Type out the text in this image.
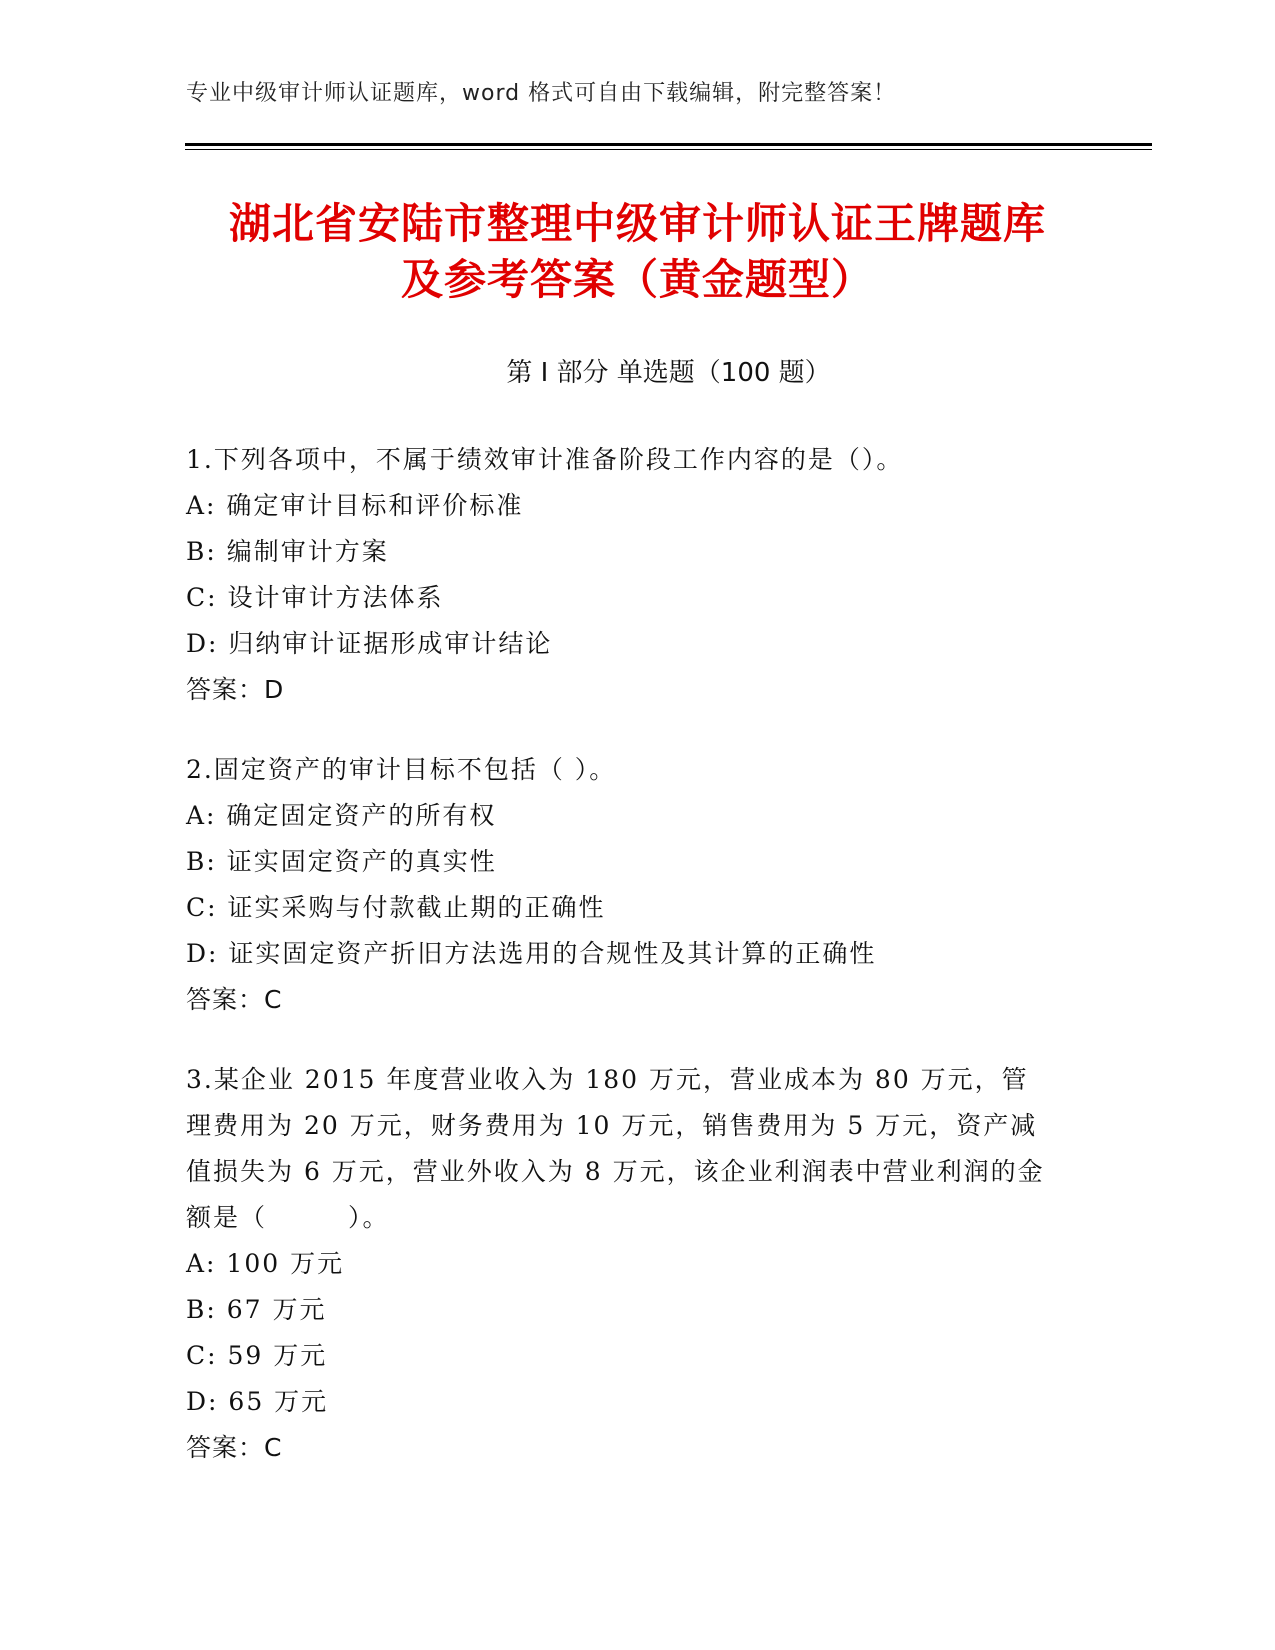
专业中级审计师认证题库，word 格式可自由下载编辑，附完整答案！
湖北省安陆市整理中级审计师认证王牌题库
及参考答案（黄金题型）
第 I 部分 单选题（100 题）
1.下列各项中，不属于绩效审计准备阶段工作内容的是（）。
A: 确定审计目标和评价标准
B: 编制审计方案
C: 设计审计方法体系
D: 归纳审计证据形成审计结论
答案：D
2.固定资产的审计目标不包括（ ）。
A: 确定固定资产的所有权
B: 证实固定资产的真实性
C: 证实采购与付款截止期的正确性
D: 证实固定资产折旧方法选用的合规性及其计算的正确性
答案：C
3.某企业 2015 年度营业收入为 180 万元，营业成本为 80 万元，管理费用为 20 万元，财务费用为 10 万元，销售费用为 5 万元，资产减值损失为 6 万元，营业外收入为 8 万元，该企业利润表中营业利润的金额是（　　　）。
A: 100 万元
B: 67 万元
C: 59 万元
D: 65 万元
答案：C
